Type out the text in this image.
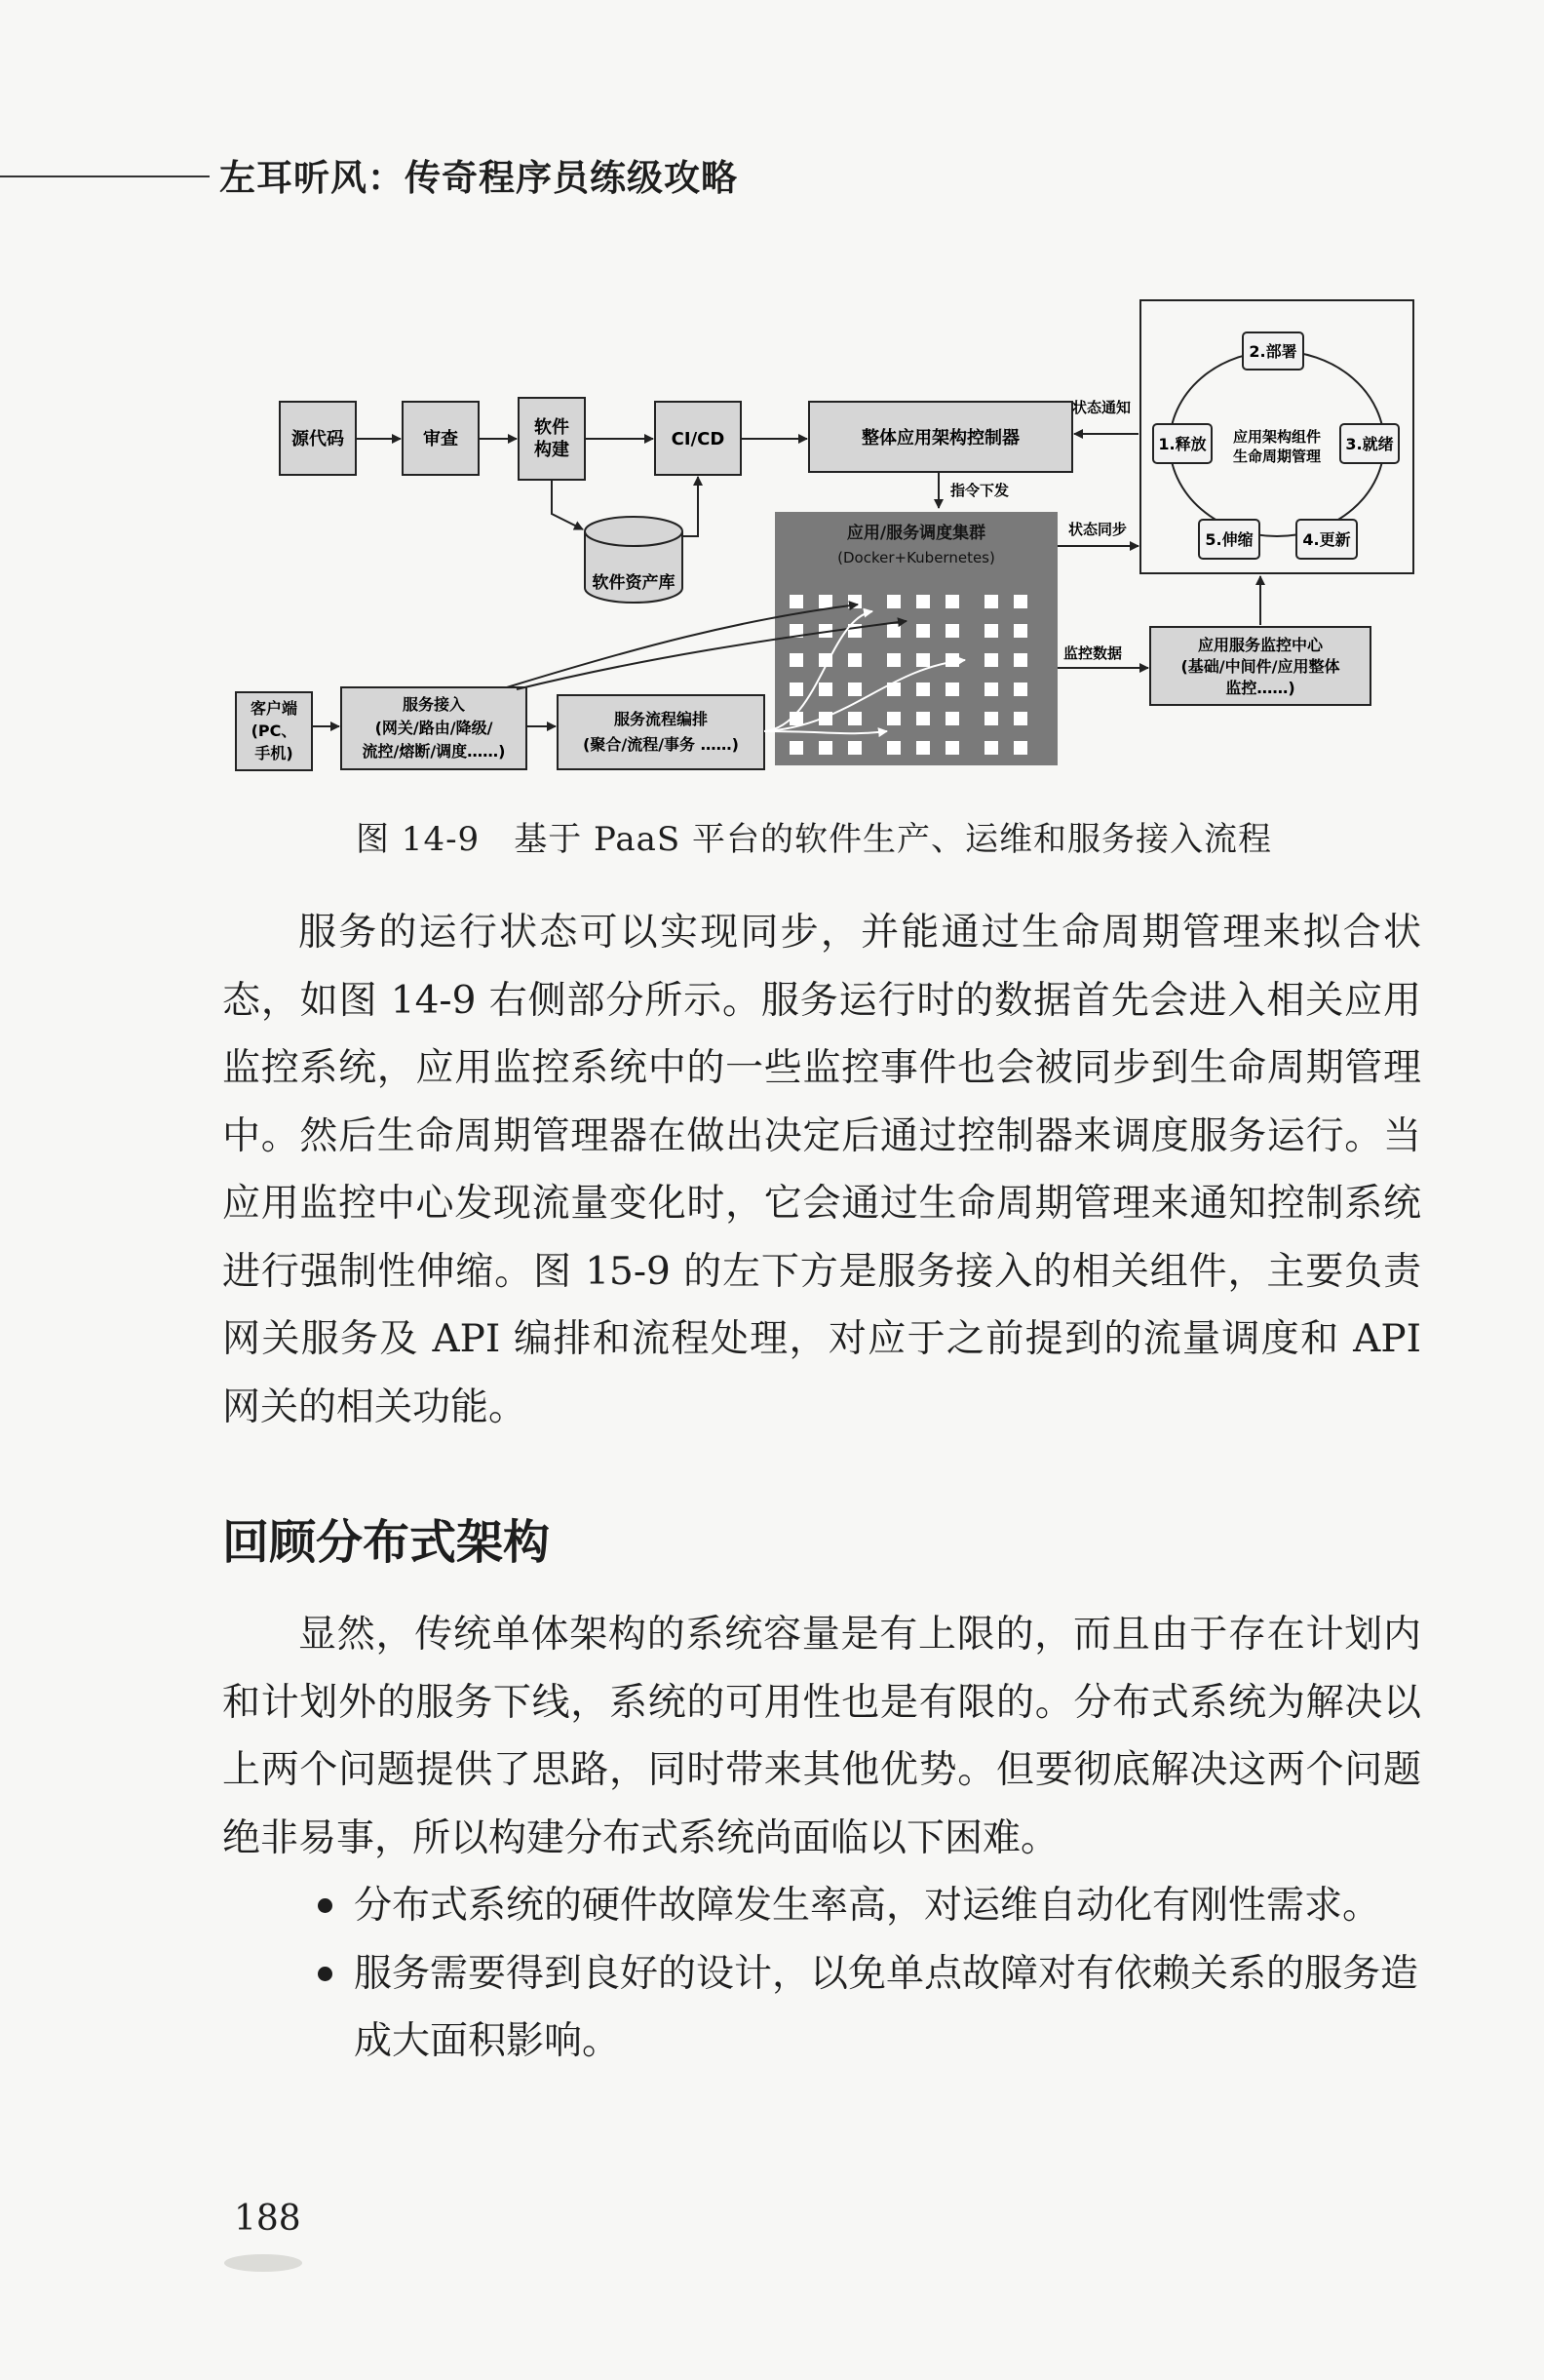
左耳听风：传奇程序员练级攻略
应用/服务调度集群
(Docker+Kubernetes)
源代码	审查
软件
构建
CI/CD	整体应用架构控制器
软件资产库
指令下发
应用架构组件
生命周期管理
2.部署
1.释放	3.就绪
5.伸缩	4.更新
状态通知
状态同步
应用服务监控中心
(基础/中间件/应用整体
监控……)
监控数据
客户端
(PC、
手机)
服务接入
(网关/路由/降级/
流控/熔断/调度……)
服务流程编排
(聚合/流程/事务 ……)
图 14-9　基于 PaaS 平台的软件生产、运维和服务接入流程

服务的运行状态可以实现同步，并能通过生命周期管理来拟合状态，如图 14-9 右侧部分所示。服务运行时的数据首先会进入相关应用监控系统，应用监控系统中的一些监控事件也会被同步到生命周期管理中。然后生命周期管理器在做出决定后通过控制器来调度服务运行。当应用监控中心发现流量变化时，它会通过生命周期管理来通知控制系统进行强制性伸缩。图 15-9 的左下方是服务接入的相关组件，主要负责网关服务及 API 编排和流程处理，对应于之前提到的流量调度和 API 网关的相关功能。

回顾分布式架构

显然，传统单体架构的系统容量是有上限的，而且由于存在计划内和计划外的服务下线，系统的可用性也是有限的。分布式系统为解决以上两个问题提供了思路，同时带来其他优势。但要彻底解决这两个问题绝非易事，所以构建分布式系统尚面临以下困难。

分布式系统的硬件故障发生率高，对运维自动化有刚性需求。
服务需要得到良好的设计，以免单点故障对有依赖关系的服务造成大面积影响。
188
